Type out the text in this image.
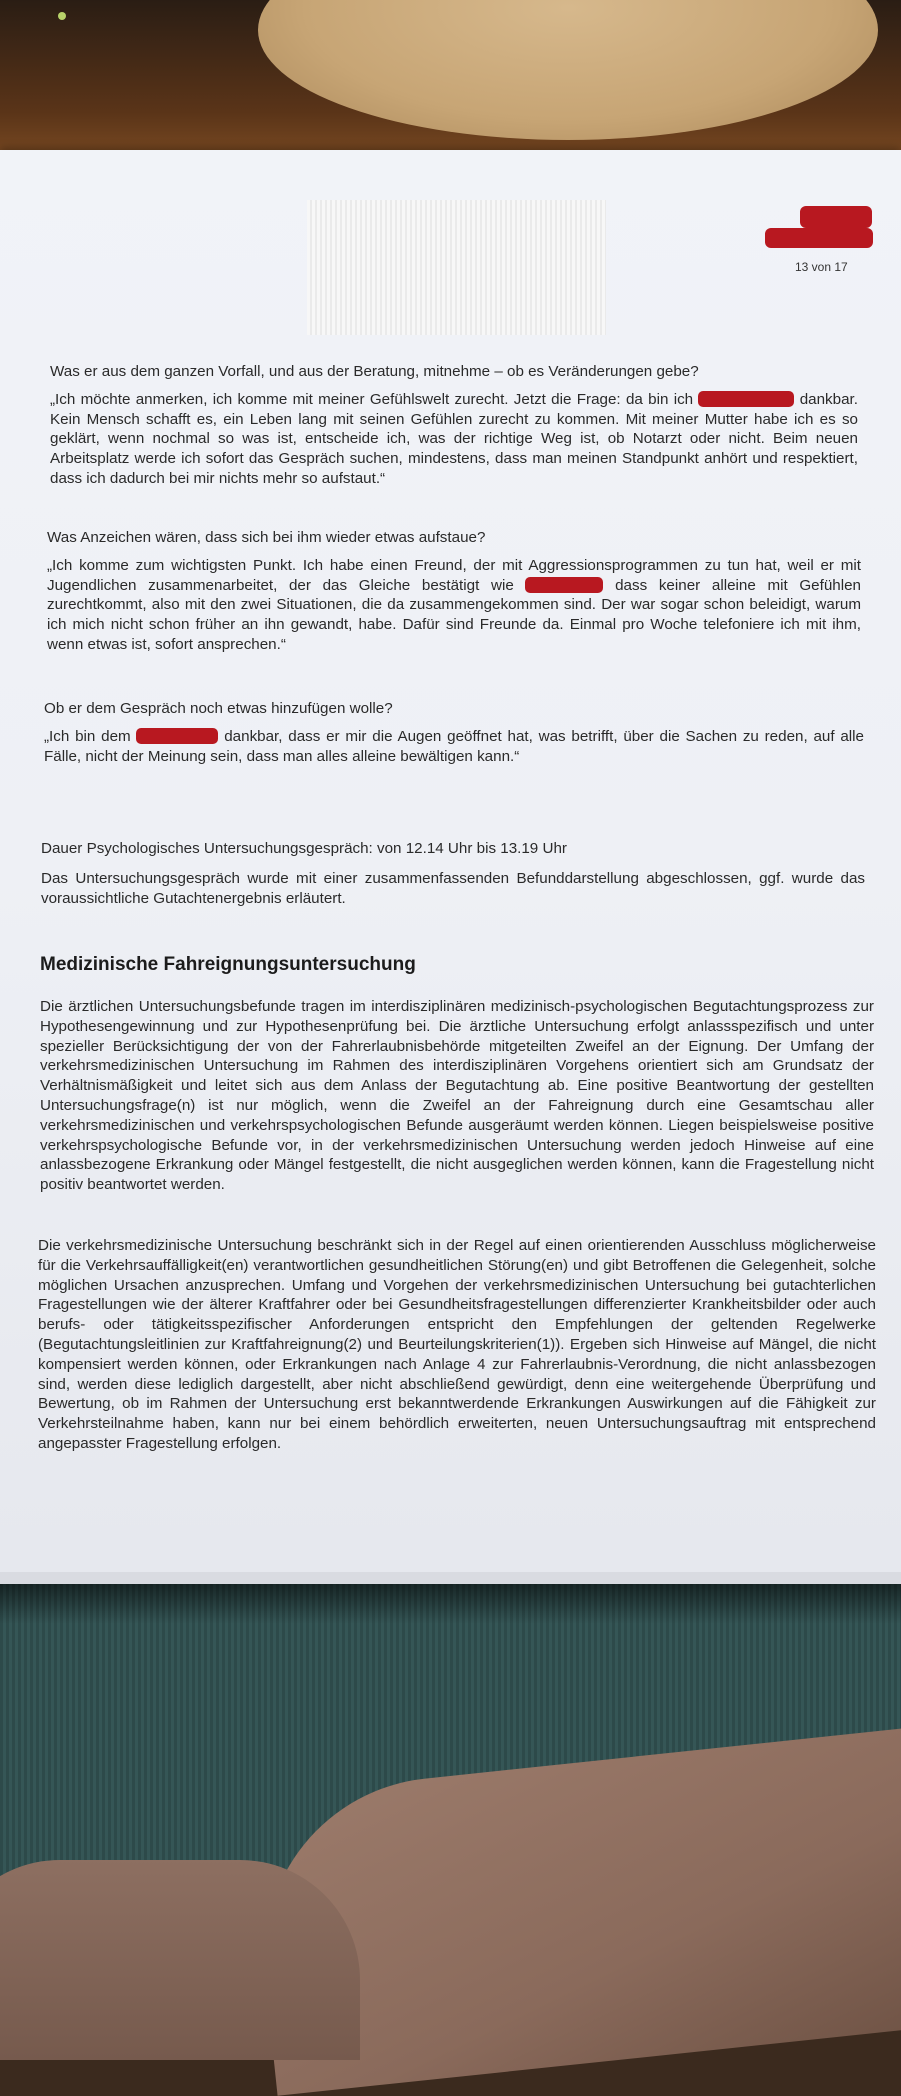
13 von 17
Was er aus dem ganzen Vorfall, und aus der Beratung, mitnehme – ob es Veränderungen gebe?
„Ich möchte anmerken, ich komme mit meiner Gefühlswelt zurecht. Jetzt die Frage: da bin ich	dankbar. Kein Mensch schafft es, ein Leben lang mit seinen Gefühlen zurecht zu kommen. Mit meiner Mutter habe ich es so geklärt, wenn nochmal so was ist, entscheide ich, was der richtige Weg ist, ob Notarzt oder nicht. Beim neuen Arbeitsplatz werde ich sofort das Gespräch suchen, mindestens, dass man meinen Standpunkt anhört und respektiert, dass ich dadurch bei mir nichts mehr so aufstaut.“
Was Anzeichen wären, dass sich bei ihm wieder etwas aufstaue?
„Ich komme zum wichtigsten Punkt. Ich habe einen Freund, der mit Aggressionsprogrammen zu tun hat, weil er mit Jugendlichen zusammenarbeitet, der das Gleiche bestätigt wie	dass keiner alleine mit Gefühlen zurechtkommt, also mit den zwei Situationen, die da zusammengekommen sind. Der war sogar schon beleidigt, warum ich mich nicht schon früher an ihn gewandt, habe. Dafür sind Freunde da. Einmal pro Woche telefoniere ich mit ihm, wenn etwas ist, sofort ansprechen.“
Ob er dem Gespräch noch etwas hinzufügen wolle?
„Ich bin dem	dankbar, dass er mir die Augen geöffnet hat, was betrifft, über die Sachen zu reden, auf alle Fälle, nicht der Meinung sein, dass man alles alleine bewältigen kann.“
Dauer Psychologisches Untersuchungsgespräch: von 12.14 Uhr bis 13.19 Uhr
Das Untersuchungsgespräch wurde mit einer zusammenfassenden Befunddarstellung abgeschlossen, ggf. wurde das voraussichtliche Gutachtenergebnis erläutert.
Medizinische Fahreignungsuntersuchung
Die ärztlichen Untersuchungsbefunde tragen im interdisziplinären medizinisch-psychologischen Begutachtungsprozess zur Hypothesengewinnung und zur Hypothesenprüfung bei. Die ärztliche Untersuchung erfolgt anlassspezifisch und unter spezieller Berücksichtigung der von der Fahrerlaubnisbehörde mitgeteilten Zweifel an der Eignung. Der Umfang der verkehrsmedizinischen Untersuchung im Rahmen des interdisziplinären Vorgehens orientiert sich am Grundsatz der Verhältnismäßigkeit und leitet sich aus dem Anlass der Begutachtung ab. Eine positive Beantwortung der gestellten Untersuchungsfrage(n) ist nur möglich, wenn die Zweifel an der Fahreignung durch eine Gesamtschau aller verkehrsmedizinischen und verkehrspsychologischen Befunde ausgeräumt werden können. Liegen beispielsweise positive verkehrspsychologische Befunde vor, in der verkehrsmedizinischen Untersuchung werden jedoch Hinweise auf eine anlassbezogene Erkrankung oder Mängel festgestellt, die nicht ausgeglichen werden können, kann die Fragestellung nicht positiv beantwortet werden.
Die verkehrsmedizinische Untersuchung beschränkt sich in der Regel auf einen orientierenden Ausschluss möglicherweise für die Verkehrsauffälligkeit(en) verantwortlichen gesundheitlichen Störung(en) und gibt Betroffenen die Gelegenheit, solche möglichen Ursachen anzusprechen. Umfang und Vorgehen der verkehrsmedizinischen Untersuchung bei gutachterlichen Fragestellungen wie der älterer Kraftfahrer oder bei Gesundheitsfragestellungen differenzierter Krankheitsbilder oder auch berufs- oder tätigkeitsspezifischer Anforderungen entspricht den Empfehlungen der geltenden Regelwerke (Begutachtungsleitlinien zur Kraftfahreignung(2) und Beurteilungskriterien(1)). Ergeben sich Hinweise auf Mängel, die nicht kompensiert werden können, oder Erkrankungen nach Anlage 4 zur Fahrerlaubnis-Verordnung, die nicht anlassbezogen sind, werden diese lediglich dargestellt, aber nicht abschließend gewürdigt, denn eine weitergehende Überprüfung und Bewertung, ob im Rahmen der Untersuchung erst bekanntwerdende Erkrankungen Auswirkungen auf die Fähigkeit zur Verkehrsteilnahme haben, kann nur bei einem behördlich erweiterten, neuen Untersuchungsauftrag mit entsprechend angepasster Fragestellung erfolgen.
